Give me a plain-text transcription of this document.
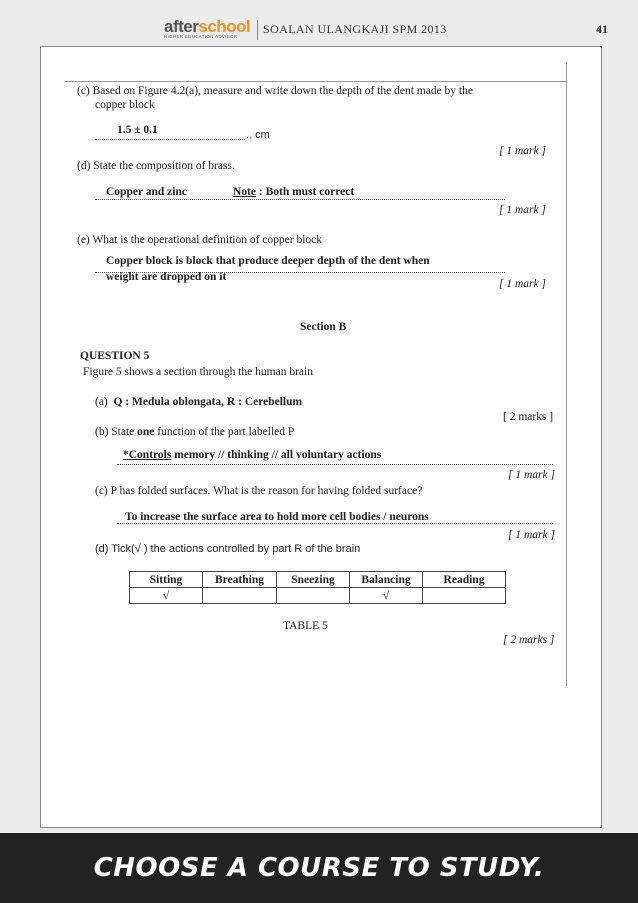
afterschool
HIGHER EDUCATION ADVISOR
SOALAN ULANGKAJI SPM 2013	41
(c) Based on Figure 4.2(a), measure and write down the depth of the dent made by the
copper block
1.5 ± 0.1	.. cm
[ 1 mark ]
(d) State the composition of brass.
Copper and zinc	Note : Both must correct
[ 1 mark ]
(e) What is the operational definition of copper block
Copper block is block that produce deeper depth of the dent when
weight are dropped on it
[ 1 mark ]
Section B
QUESTION 5
Figure 5 shows a section through the human brain
(a) Q : Medula oblongata, R : Cerebellum
[ 2 marks ]
(b) State one function of the part labelled P
*Controls memory // thinking // all voluntary actions
[ 1 mark ]
(c) P has folded surfaces. What is the reason for having folded surface?
To increase the surface area to hold more cell bodies / neurons
[ 1 mark ]
(d) Tick(√ ) the actions controlled by part R of the brain
Sitting	Breathing	Sneezing	Balancing	Reading
√			√	
TABLE 5
[ 2 marks ]
CHOOSE A COURSE TO STUDY.
